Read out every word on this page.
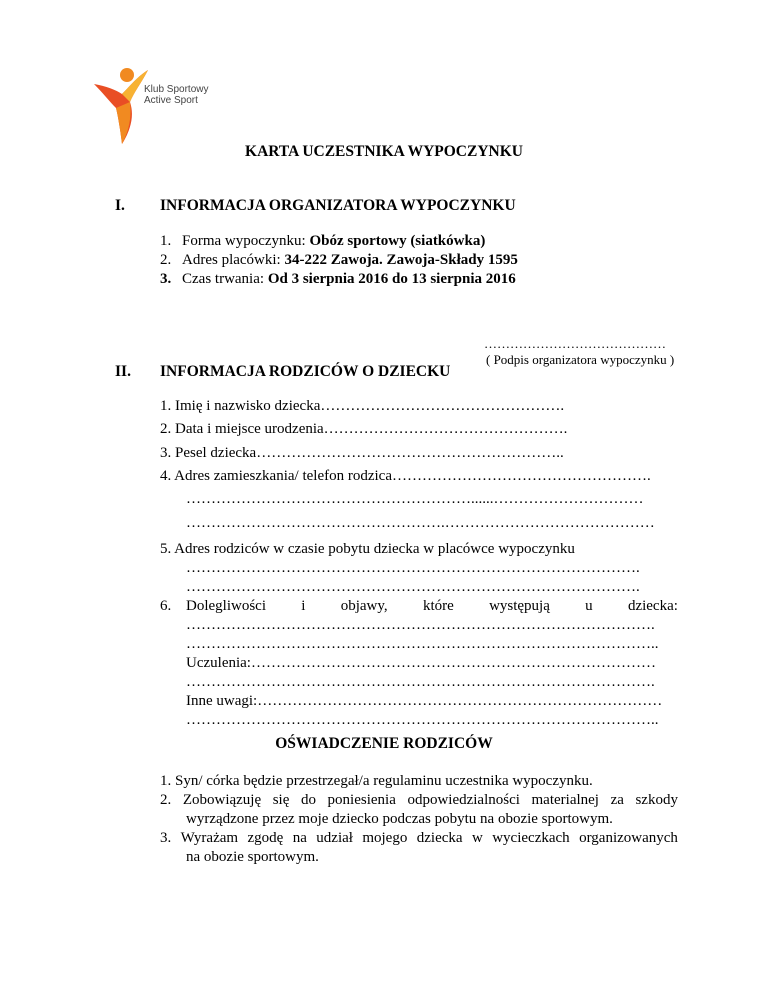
Klub Sportowy
Active Sport
KARTA UCZESTNIKA WYPOCZYNKU
I. INFORMACJA ORGANIZATORA WYPOCZYNKU
1. Forma wypoczynku: Obóz sportowy (siatkówka)
2. Adres placówki: 34-222 Zawoja. Zawoja-Składy 1595
3. Czas trwania: Od 3 sierpnia 2016 do 13 sierpnia 2016
……………………………………
( Podpis organizatora wypoczynku )
II. INFORMACJA RODZICÓW O DZIECKU
1. Imię i nazwisko dziecka………………………………………….
2. Data i miejsce urodzenia………………………………………….
3. Pesel dziecka……………………………………………………..
4. Adres zamieszkania/ telefon rodzica…………………………………………….
…………………………………………………......…………………………
…………………………………………….……………………………………
5. Adres rodziców w czasie pobytu dziecka w placówce wypoczynku
……………………………………………………………………………….
……………………………………………………………………………….
6. Dolegliwości i objawy, które występują u dziecka:
………………………………………………………………………………….
…………………………………………………………………………………..
Uczulenia:………………………………………………………………………
………………………………………………………………………………….
Inne uwagi:………………………………………………………………………
…………………………………………………………………………………..
OŚWIADCZENIE RODZICÓW
1. Syn/ córka będzie przestrzegał/a regulaminu uczestnika wypoczynku.
2. Zobowiązuję się do poniesienia odpowiedzialności materialnej za szkody
wyrządzone przez moje dziecko podczas pobytu na obozie sportowym.
3. Wyrażam zgodę na udział mojego dziecka w wycieczkach organizowanych
na obozie sportowym.
